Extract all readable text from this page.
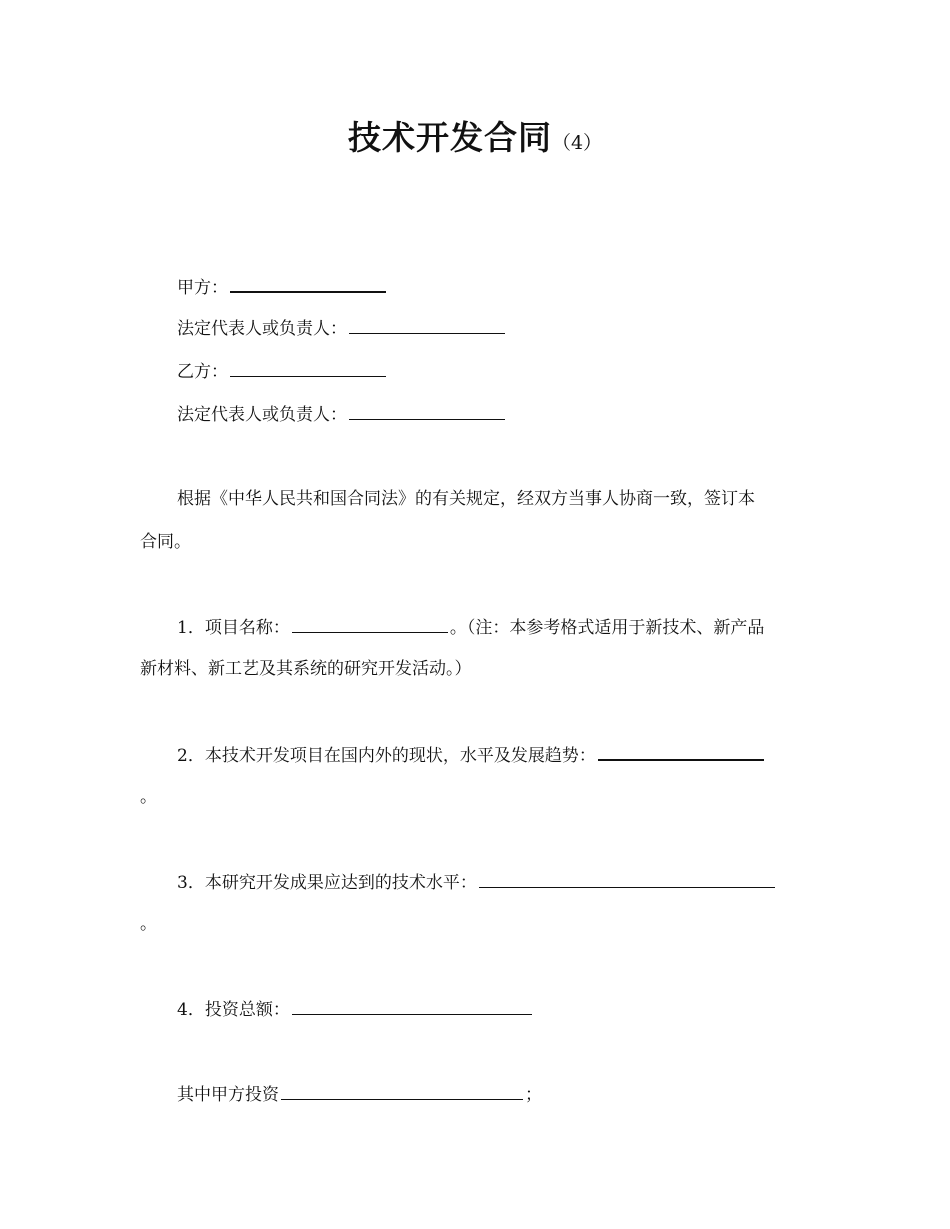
技术开发合同（4）
甲方：
法定代表人或负责人：
乙方：
法定代表人或负责人：
根据《中华人民共和国合同法》的有关规定，经双方当事人协商一致，签订本
合同。
1．项目名称：	。（注：本参考格式适用于新技术、新产品
新材料、新工艺及其系统的研究开发活动。）
2．本技术开发项目在国内外的现状，水平及发展趋势：
。
3．本研究开发成果应达到的技术水平：
。
4．投资总额：
其中甲方投资	；
